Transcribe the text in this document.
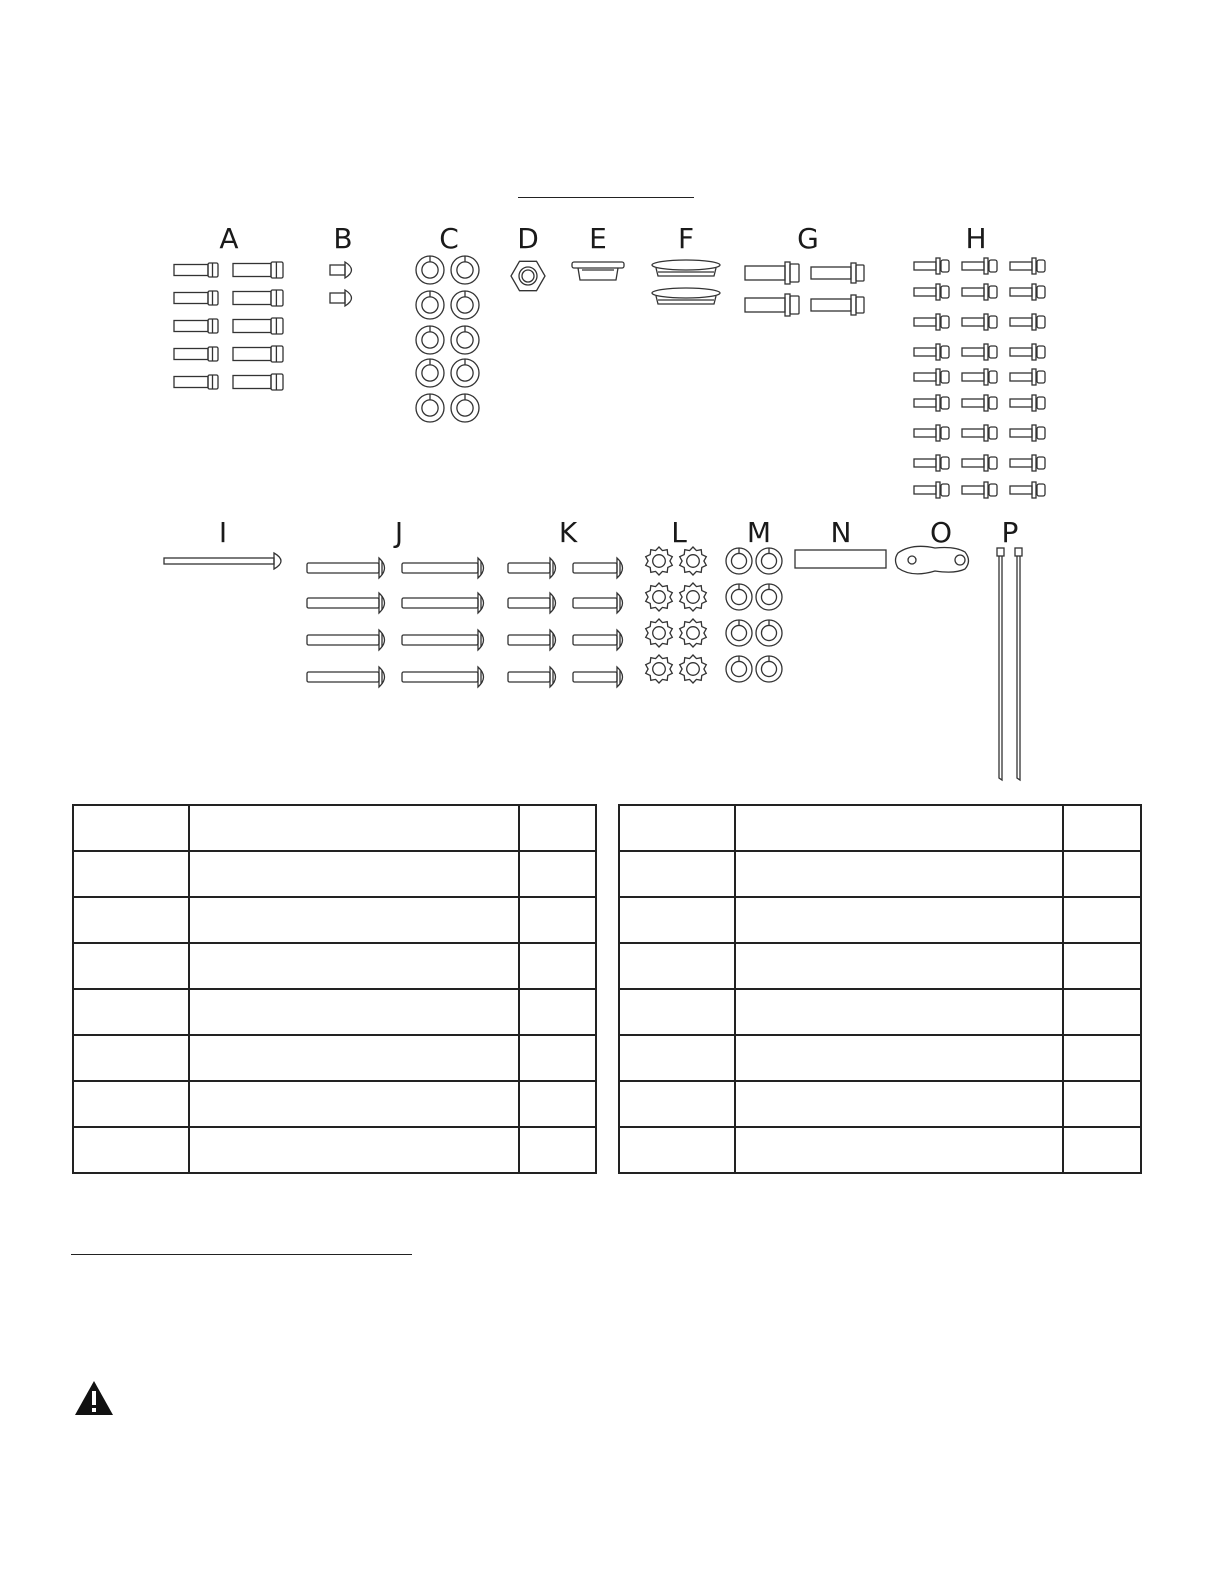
A	B	C D E	F	G	H
I	J	K	L M N	O P
